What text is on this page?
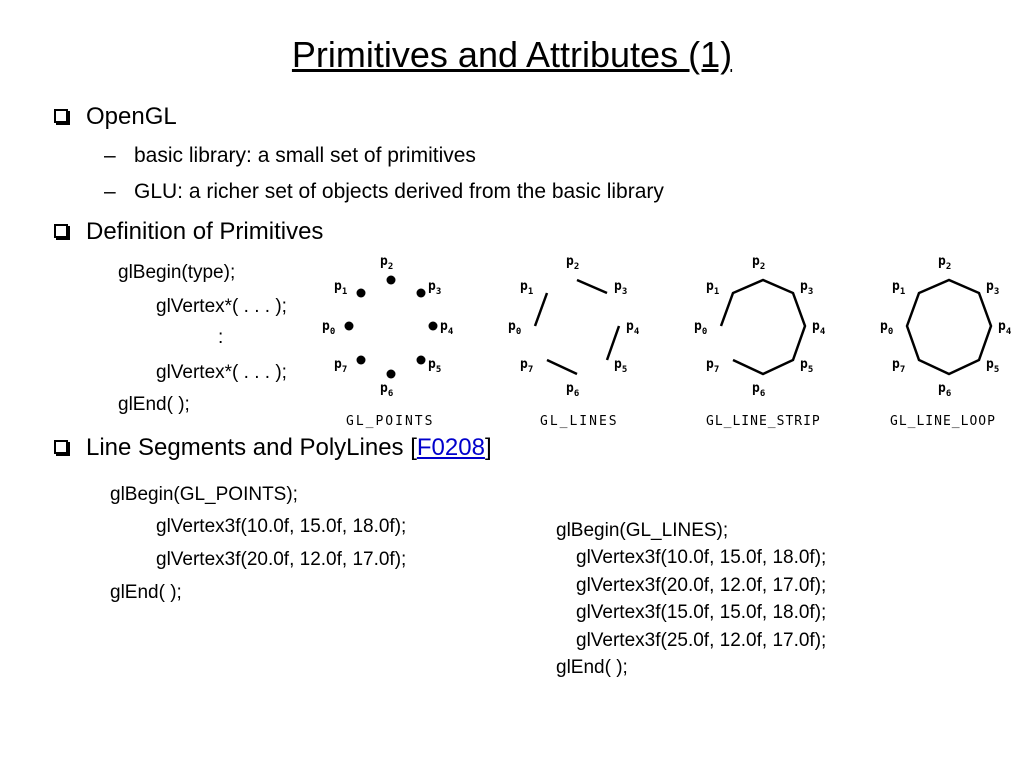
Primitives and Attributes (1)
OpenGL
– basic library: a small set of primitives
– GLU: a richer set of objects derived from the basic library
Definition of Primitives
glBegin(type);
glVertex*( . . . );
:
glVertex*( . . . );
glEnd( );
$p_2$
$p_3$
$p_4$
$p_5$
$p_6$
$p_7$
$p_0$
$p_1$
GL_POINTS
$p_2$
$p_3$
$p_4$
$p_5$
$p_6$
$p_7$
$p_0$
$p_1$
GL_LINES
$p_2$
$p_3$
$p_4$
$p_5$
$p_6$
$p_7$
$p_0$
$p_1$
GL_LINE_STRIP
$p_2$
$p_3$
$p_4$
$p_5$
$p_6$
$p_7$
$p_0$
$p_1$
GL_LINE_LOOP
Line Segments and PolyLines [F0208]
glBegin(GL_POINTS);
glVertex3f(10.0f, 15.0f, 18.0f);
glVertex3f(20.0f, 12.0f, 17.0f);
glEnd( );
glBegin(GL_LINES);
glVertex3f(10.0f, 15.0f, 18.0f);
glVertex3f(20.0f, 12.0f, 17.0f);
glVertex3f(15.0f, 15.0f, 18.0f);
glVertex3f(25.0f, 12.0f, 17.0f);
glEnd( );
